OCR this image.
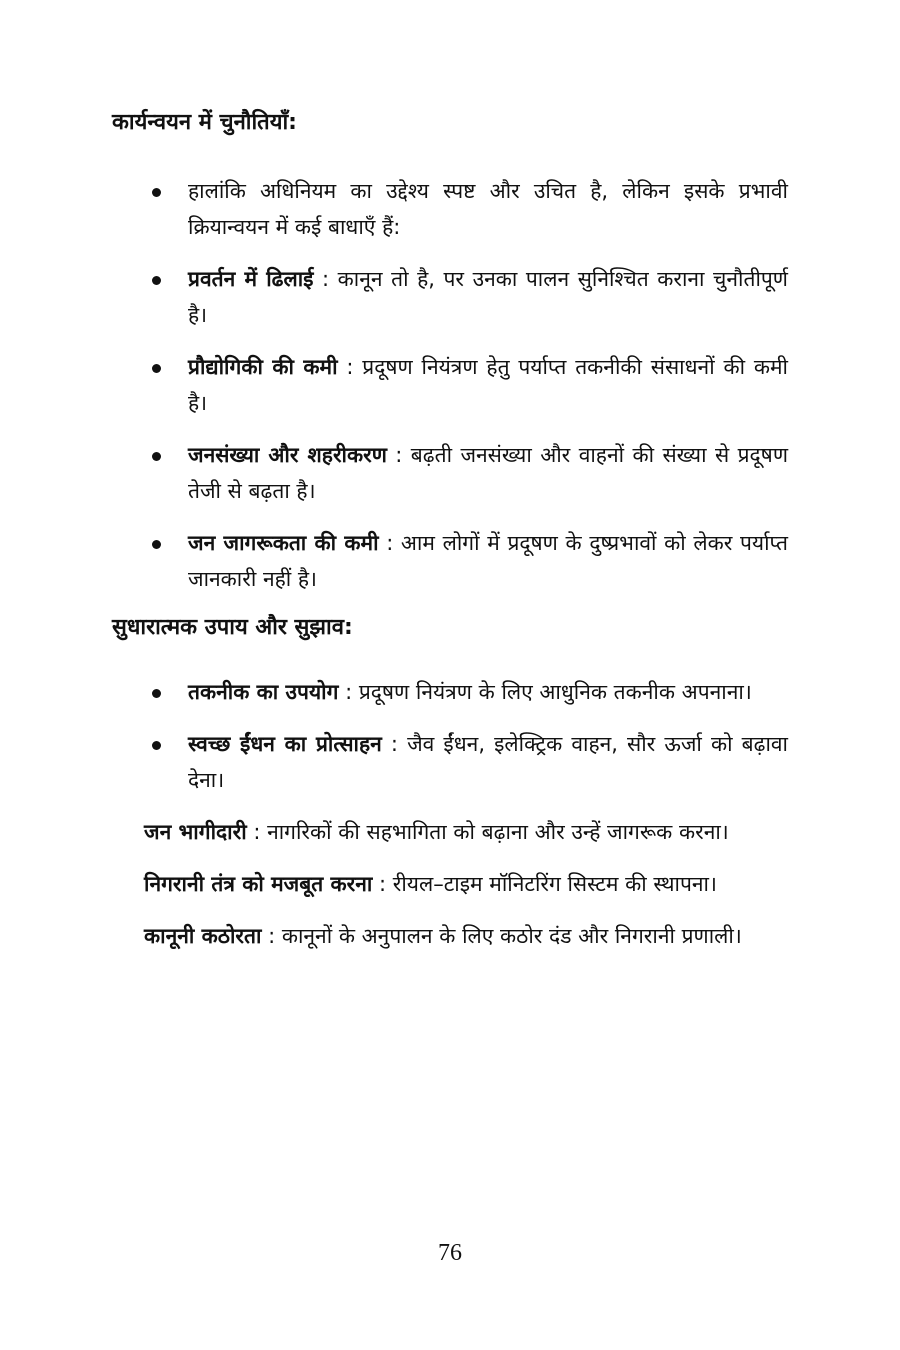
कार्यन्वयन में चुनौतियाँ:
हालांकि अधिनियम का उद्देश्य स्पष्ट और उचित है, लेकिन इसके प्रभावी क्रियान्वयन में कई बाधाएँ हैं:
प्रवर्तन में ढिलाई : कानून तो है, पर उनका पालन सुनिश्चित कराना चुनौतीपूर्ण है।
प्रौद्योगिकी की कमी : प्रदूषण नियंत्रण हेतु पर्याप्त तकनीकी संसाधनों की कमी है।
जनसंख्या और शहरीकरण : बढ़ती जनसंख्या और वाहनों की संख्या से प्रदूषण तेजी से बढ़ता है।
जन जागरूकता की कमी : आम लोगों में प्रदूषण के दुष्प्रभावों को लेकर पर्याप्त जानकारी नहीं है।
सुधारात्मक उपाय और सुझाव:
तकनीक का उपयोग : प्रदूषण नियंत्रण के लिए आधुनिक तकनीक अपनाना।
स्वच्छ ईंधन का प्रोत्साहन : जैव ईंधन, इलेक्ट्रिक वाहन, सौर ऊर्जा को बढ़ावा देना।

जन भागीदारी : नागरिकों की सहभागिता को बढ़ाना और उन्हें जागरूक करना।

निगरानी तंत्र को मजबूत करना : रीयल–टाइम मॉनिटरिंग सिस्टम की स्थापना।

कानूनी कठोरता : कानूनों के अनुपालन के लिए कठोर दंड और निगरानी प्रणाली।

76
